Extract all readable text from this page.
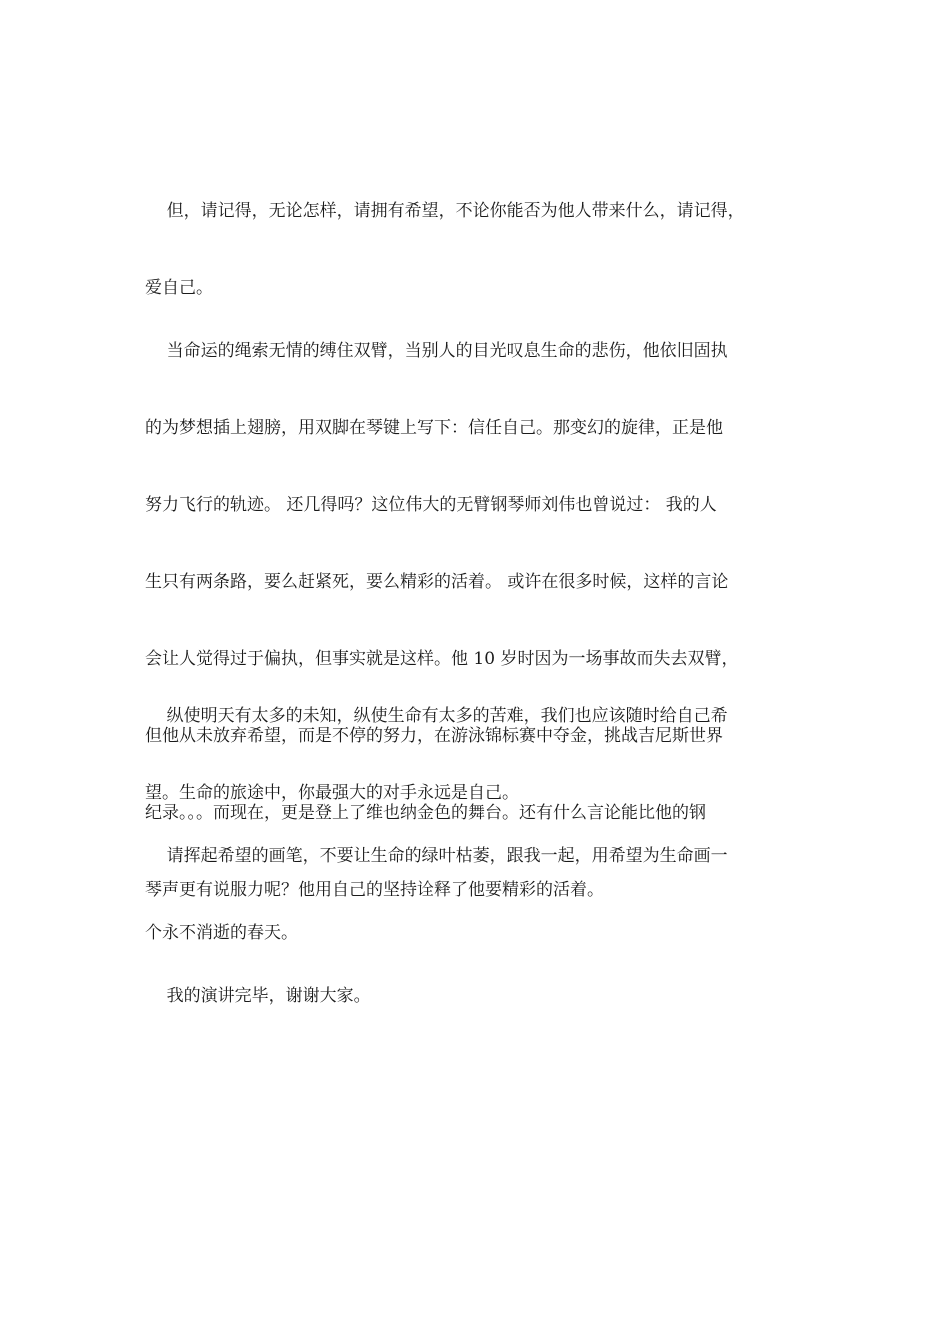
但，请记得，无论怎样，请拥有希望，不论你能否为他人带来什么，请记得，

爱自己。

当命运的绳索无情的缚住双臂，当别人的目光叹息生命的悲伤，他依旧固执

的为梦想插上翅膀，用双脚在琴键上写下：信任自己。那变幻的旋律，正是他

努力飞行的轨迹。 还几得吗？这位伟大的无臂钢琴师刘伟也曾说过： 我的人

生只有两条路，要么赶紧死，要么精彩的活着。 或许在很多时候，这样的言论

会让人觉得过于偏执，但事实就是这样。他 10 岁时因为一场事故而失去双臂，

但他从未放弃希望，而是不停的努力，在游泳锦标赛中夺金，挑战吉尼斯世界

纪录。。。而现在，更是登上了维也纳金色的舞台。还有什么言论能比他的钢

琴声更有说服力呢？他用自己的坚持诠释了他要精彩的活着。

纵使明天有太多的未知，纵使生命有太多的苦难，我们也应该随时给自己希

望。生命的旅途中，你最强大的对手永远是自己。

请挥起希望的画笔，不要让生命的绿叶枯萎，跟我一起，用希望为生命画一

个永不消逝的春天。

我的演讲完毕，谢谢大家。
